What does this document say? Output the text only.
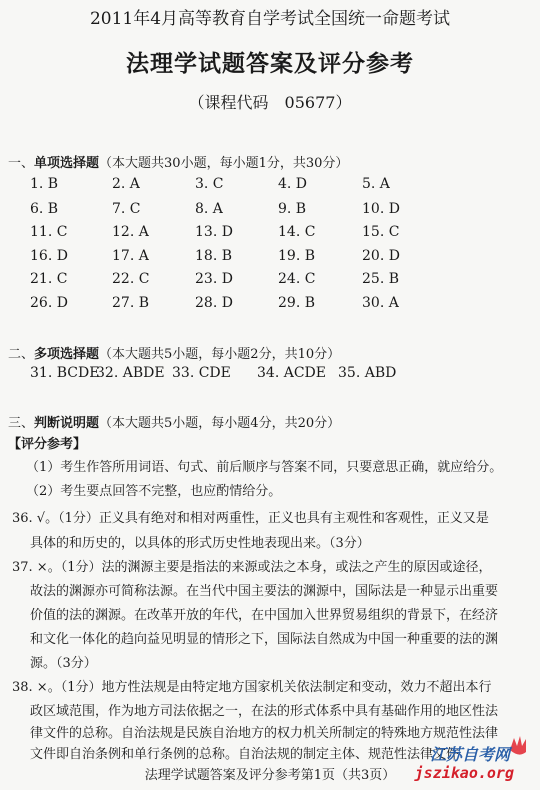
2011年4月高等教育自学考试全国统一命题考试
法理学试题答案及评分参考
（课程代码　05677）
一、单项选择题（本大题共30小题，每小题1分，共30分）
1. B	2. A	3. C	4. D	5. A
6. B	7. C	8. A	9. B	10. D
11. C	12. A	13. D	14. C	15. C
16. D	17. A	18. B	19. B	20. D
21. C	22. C	23. D	24. C	25. B
26. D	27. B	28. D	29. B	30. A
二、多项选择题（本大题共5小题，每小题2分，共10分）
31. BCDE
32. ABDE 33. CDE 34. ACDE 35. ABD
三、判断说明题（本大题共5小题，每小题4分，共20分）
【评分参考】
（1）考生作答所用词语、句式、前后顺序与答案不同，只要意思正确，就应给分。
（2）考生要点回答不完整，也应酌情给分。
36. √。（1分）正义具有绝对和相对两重性，正义也具有主观性和客观性，正义又是
具体的和历史的，以具体的形式历史性地表现出来。（3分）
37. ×。（1分）法的渊源主要是指法的来源或法之本身，或法之产生的原因或途径，
故法的渊源亦可简称法源。在当代中国主要法的渊源中，国际法是一种显示出重要
价值的法的渊源。在改革开放的年代，在中国加入世界贸易组织的背景下，在经济
和文化一体化的趋向益见明显的情形之下，国际法自然成为中国一种重要的法的渊
源。（3分）
38. ×。（1分）地方性法规是由特定地方国家机关依法制定和变动，效力不超出本行
政区域范围，作为地方司法依据之一，在法的形式体系中具有基础作用的地区性法
律文件的总称。自治法规是民族自治地方的权力机关所制定的特殊地方规范性法律
文件即自治条例和单行条例的总称。自治法规的制定主体、规范性法律文件
法理学试题答案及评分参考第1页（共3页）
江苏自考网
jszikao.org
